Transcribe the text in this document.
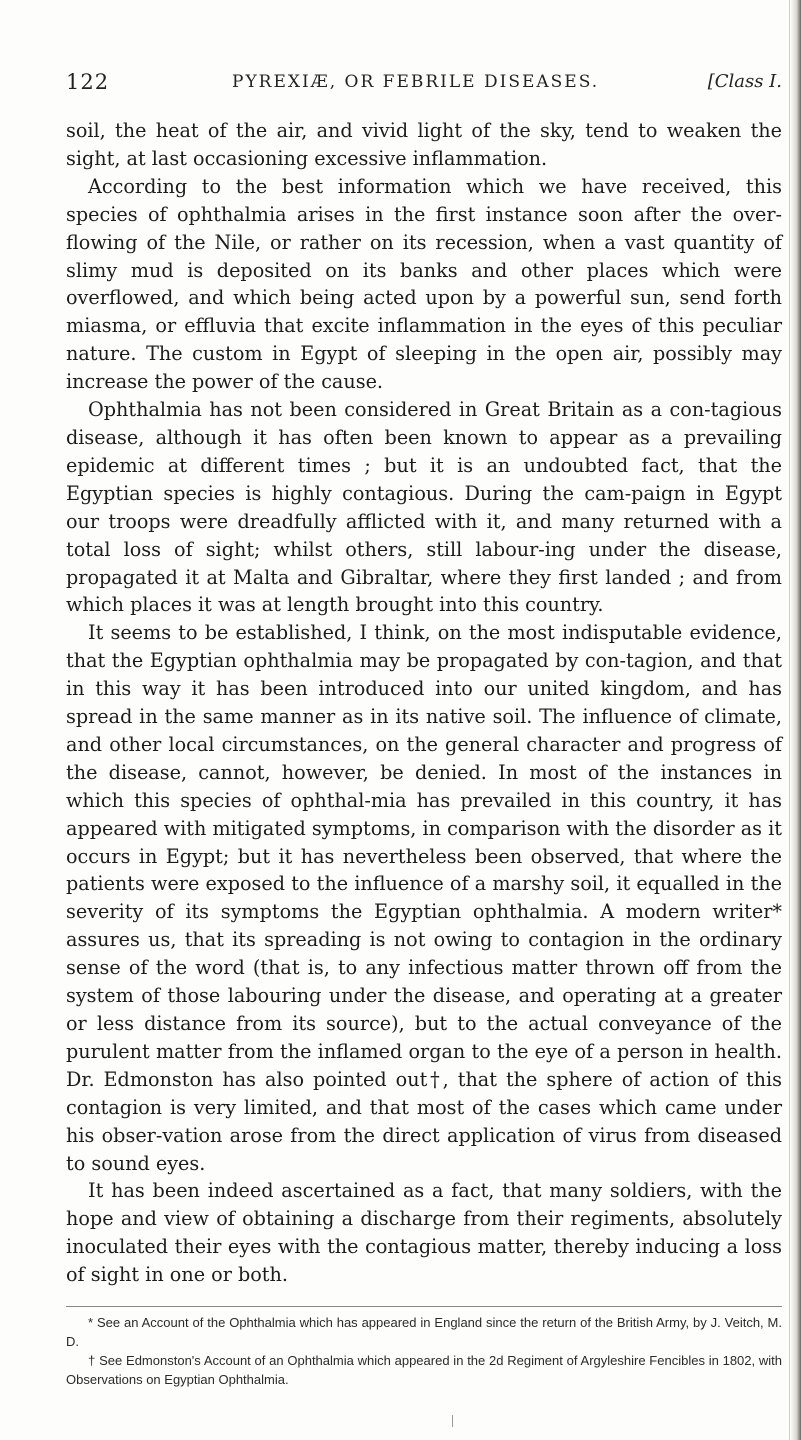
122	PYREXIÆ, OR FEBRILE DISEASES.	[Class I.

soil, the heat of the air, and vivid light of the sky, tend to weaken the sight, at last occasioning excessive inflammation.

According to the best information which we have received, this species of ophthalmia arises in the first instance soon after the over-flowing of the Nile, or rather on its recession, when a vast quantity of slimy mud is deposited on its banks and other places which were overflowed, and which being acted upon by a powerful sun, send forth miasma, or effluvia that excite inflammation in the eyes of this peculiar nature. The custom in Egypt of sleeping in the open air, possibly may increase the power of the cause.

Ophthalmia has not been considered in Great Britain as a con-tagious disease, although it has often been known to appear as a prevailing epidemic at different times ; but it is an undoubted fact, that the Egyptian species is highly contagious. During the cam-paign in Egypt our troops were dreadfully afflicted with it, and many returned with a total loss of sight; whilst others, still labour-ing under the disease, propagated it at Malta and Gibraltar, where they first landed ; and from which places it was at length brought into this country.

It seems to be established, I think, on the most indisputable evidence, that the Egyptian ophthalmia may be propagated by con-tagion, and that in this way it has been introduced into our united kingdom, and has spread in the same manner as in its native soil. The influence of climate, and other local circumstances, on the general character and progress of the disease, cannot, however, be denied. In most of the instances in which this species of ophthal-mia has prevailed in this country, it has appeared with mitigated symptoms, in comparison with the disorder as it occurs in Egypt; but it has nevertheless been observed, that where the patients were exposed to the influence of a marshy soil, it equalled in the severity of its symptoms the Egyptian ophthalmia. A modern writer* assures us, that its spreading is not owing to contagion in the ordinary sense of the word (that is, to any infectious matter thrown off from the system of those labouring under the disease, and operating at a greater or less distance from its source), but to the actual conveyance of the purulent matter from the inflamed organ to the eye of a person in health. Dr. Edmonston has also pointed out†, that the sphere of action of this contagion is very limited, and that most of the cases which came under his obser-vation arose from the direct application of virus from diseased to sound eyes.

It has been indeed ascertained as a fact, that many soldiers, with the hope and view of obtaining a discharge from their regiments, absolutely inoculated their eyes with the contagious matter, thereby inducing a loss of sight in one or both.

* See an Account of the Ophthalmia which has appeared in England since the return of the British Army, by J. Veitch, M. D.

† See Edmonston's Account of an Ophthalmia which appeared in the 2d Regiment of Argyleshire Fencibles in 1802, with Observations on Egyptian Ophthalmia.
